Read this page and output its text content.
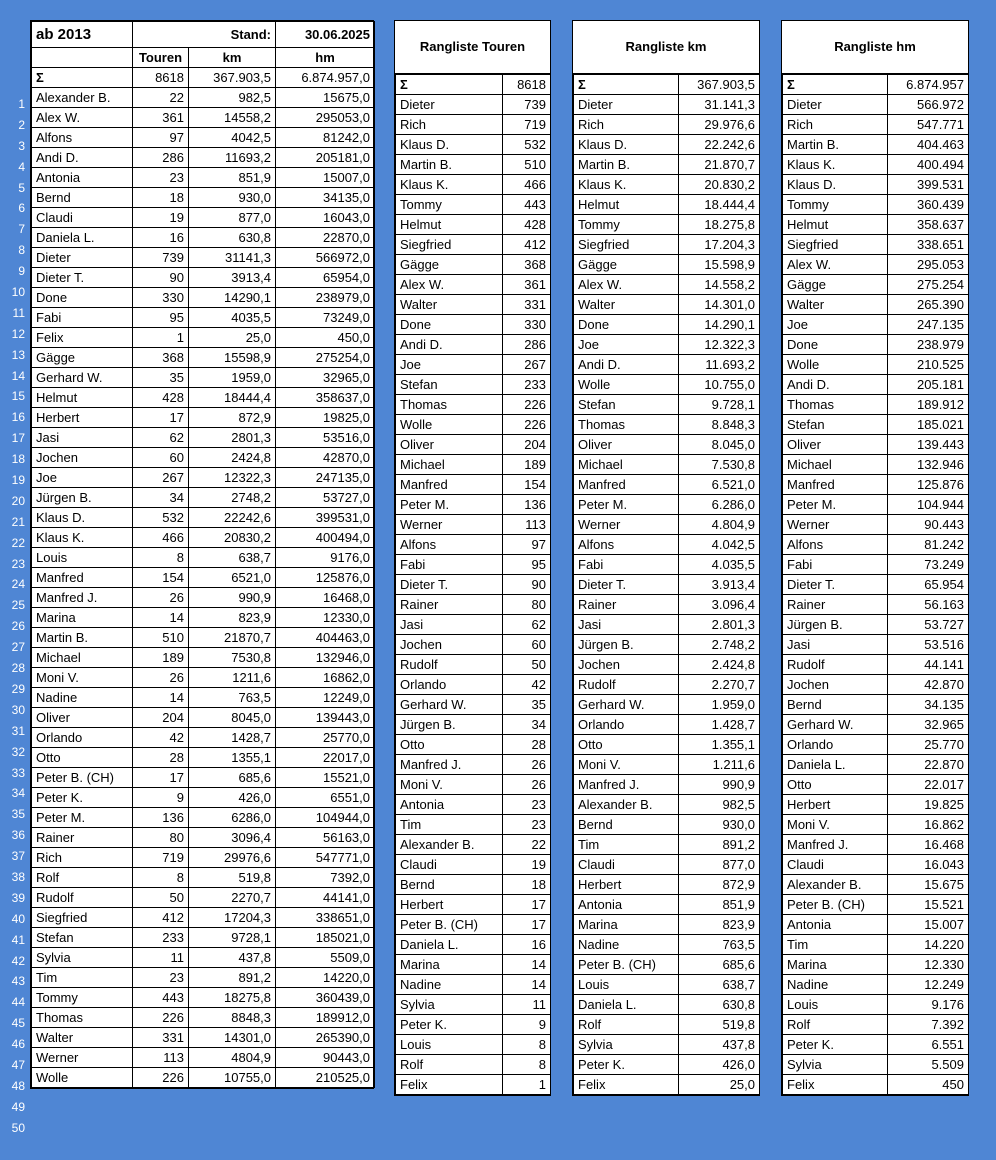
1
2
3
4
5
6
7
8
9
10
11
12
13
14
15
16
17
18
19
20
21
22
23
24
25
26
27
28
29
30
31
32
33
34
35
36
37
38
39
40
41
42
43
44
45
46
47
48
49
50
ab 2013	Stand:		30.06.2025
	Touren	km	hm
Σ	8618	367.903,5	6.874.957,0
Alexander B.	22	982,5	15675,0
Alex W.	361	14558,2	295053,0
Alfons	97	4042,5	81242,0
Andi D.	286	11693,2	205181,0
Antonia	23	851,9	15007,0
Bernd	18	930,0	34135,0
Claudi	19	877,0	16043,0
Daniela L.	16	630,8	22870,0
Dieter	739	31141,3	566972,0
Dieter T.	90	3913,4	65954,0
Done	330	14290,1	238979,0
Fabi	95	4035,5	73249,0
Felix	1	25,0	450,0
Gägge	368	15598,9	275254,0
Gerhard W.	35	1959,0	32965,0
Helmut	428	18444,4	358637,0
Herbert	17	872,9	19825,0
Jasi	62	2801,3	53516,0
Jochen	60	2424,8	42870,0
Joe	267	12322,3	247135,0
Jürgen B.	34	2748,2	53727,0
Klaus D.	532	22242,6	399531,0
Klaus K.	466	20830,2	400494,0
Louis	8	638,7	9176,0
Manfred	154	6521,0	125876,0
Manfred J.	26	990,9	16468,0
Marina	14	823,9	12330,0
Martin B.	510	21870,7	404463,0
Michael	189	7530,8	132946,0
Moni V.	26	1211,6	16862,0
Nadine	14	763,5	12249,0
Oliver	204	8045,0	139443,0
Orlando	42	1428,7	25770,0
Otto	28	1355,1	22017,0
Peter B. (CH)	17	685,6	15521,0
Peter K.	9	426,0	6551,0
Peter M.	136	6286,0	104944,0
Rainer	80	3096,4	56163,0
Rich	719	29976,6	547771,0
Rolf	8	519,8	7392,0
Rudolf	50	2270,7	44141,0
Siegfried	412	17204,3	338651,0
Stefan	233	9728,1	185021,0
Sylvia	11	437,8	5509,0
Tim	23	891,2	14220,0
Tommy	443	18275,8	360439,0
Thomas	226	8848,3	189912,0
Walter	331	14301,0	265390,0
Werner	113	4804,9	90443,0
Wolle	226	10755,0	210525,0
Rangliste Touren
Σ	8618
Dieter	739
Rich	719
Klaus D.	532
Martin B.	510
Klaus K.	466
Tommy	443
Helmut	428
Siegfried	412
Gägge	368
Alex W.	361
Walter	331
Done	330
Andi D.	286
Joe	267
Stefan	233
Thomas	226
Wolle	226
Oliver	204
Michael	189
Manfred	154
Peter M.	136
Werner	113
Alfons	97
Fabi	95
Dieter T.	90
Rainer	80
Jasi	62
Jochen	60
Rudolf	50
Orlando	42
Gerhard W.	35
Jürgen B.	34
Otto	28
Manfred J.	26
Moni V.	26
Antonia	23
Tim	23
Alexander B.	22
Claudi	19
Bernd	18
Herbert	17
Peter B. (CH)	17
Daniela L.	16
Marina	14
Nadine	14
Sylvia	11
Peter K.	9
Louis	8
Rolf	8
Felix	1
Rangliste km
Σ	367.903,5
Dieter	31.141,3
Rich	29.976,6
Klaus D.	22.242,6
Martin B.	21.870,7
Klaus K.	20.830,2
Helmut	18.444,4
Tommy	18.275,8
Siegfried	17.204,3
Gägge	15.598,9
Alex W.	14.558,2
Walter	14.301,0
Done	14.290,1
Joe	12.322,3
Andi D.	11.693,2
Wolle	10.755,0
Stefan	9.728,1
Thomas	8.848,3
Oliver	8.045,0
Michael	7.530,8
Manfred	6.521,0
Peter M.	6.286,0
Werner	4.804,9
Alfons	4.042,5
Fabi	4.035,5
Dieter T.	3.913,4
Rainer	3.096,4
Jasi	2.801,3
Jürgen B.	2.748,2
Jochen	2.424,8
Rudolf	2.270,7
Gerhard W.	1.959,0
Orlando	1.428,7
Otto	1.355,1
Moni V.	1.211,6
Manfred J.	990,9
Alexander B.	982,5
Bernd	930,0
Tim	891,2
Claudi	877,0
Herbert	872,9
Antonia	851,9
Marina	823,9
Nadine	763,5
Peter B. (CH)	685,6
Louis	638,7
Daniela L.	630,8
Rolf	519,8
Sylvia	437,8
Peter K.	426,0
Felix	25,0
Rangliste hm
Σ	6.874.957
Dieter	566.972
Rich	547.771
Martin B.	404.463
Klaus K.	400.494
Klaus D.	399.531
Tommy	360.439
Helmut	358.637
Siegfried	338.651
Alex W.	295.053
Gägge	275.254
Walter	265.390
Joe	247.135
Done	238.979
Wolle	210.525
Andi D.	205.181
Thomas	189.912
Stefan	185.021
Oliver	139.443
Michael	132.946
Manfred	125.876
Peter M.	104.944
Werner	90.443
Alfons	81.242
Fabi	73.249
Dieter T.	65.954
Rainer	56.163
Jürgen B.	53.727
Jasi	53.516
Rudolf	44.141
Jochen	42.870
Bernd	34.135
Gerhard W.	32.965
Orlando	25.770
Daniela L.	22.870
Otto	22.017
Herbert	19.825
Moni V.	16.862
Manfred J.	16.468
Claudi	16.043
Alexander B.	15.675
Peter B. (CH)	15.521
Antonia	15.007
Tim	14.220
Marina	12.330
Nadine	12.249
Louis	9.176
Rolf	7.392
Peter K.	6.551
Sylvia	5.509
Felix	450
